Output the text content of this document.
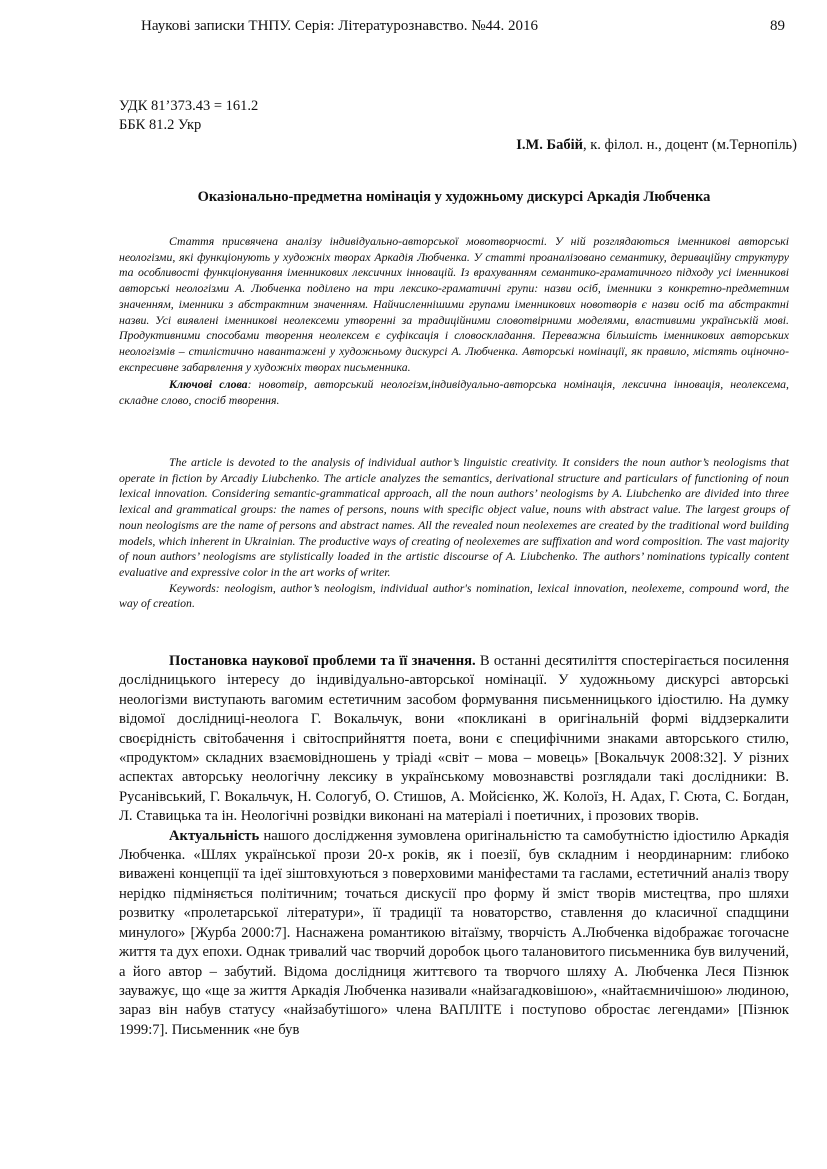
Наукові записки ТНПУ. Серія: Літературознавство. №44. 2016	89
УДК 81’373.43 = 161.2
ББК 81.2 Укр
І.М. Бабій, к. філол. н., доцент (м.Тернопіль)
Оказіонально-предметна номінація у художньому дискурсі Аркадія Любченка

Стаття присвячена аналізу індивідуально-авторської мовотворчості. У ній розглядаються іменникові авторські неологізми, які функціонують у художніх творах Аркадія Любченка. У статті проаналізовано семантику, дериваційну структуру та особливості функціонування іменникових лексичних інновацій. Із врахуванням семантико-граматичного підходу усі іменникові авторські неологізми А. Любченка поділено на три лексико-граматичні групи: назви осіб, іменники з конкретно-предметним значенням, іменники з абстрактним значенням. Найчисленнішими групами іменникових новотворів є назви осіб та абстрактні назви. Усі виявлені іменникові неолексеми утворенні за традиційними словотвірними моделями, властивими українській мові. Продуктивними способами творення неолексем є суфіксація і словоскладання. Переважна більшість іменникових авторських неологізмів – стилістично навантажені у художньому дискурсі А. Любченка. Авторські номінації, як правило, містять оціночно-експресивне забарвлення у художніх творах письменника.

Ключові слова: новотвір, авторський неологізм,індивідуально-авторська номінація, лексична інновація, неолексема, складне слово, спосіб творення.

The article is devoted to the analysis of individual author’s linguistic creativity. It considers the noun author’s neologisms that operate in fiction by Arcadiy Liubchenko. The article analyzes the semantics, derivational structure and particulars of functioning of noun lexical innovation. Considering semantic-grammatical approach, all the noun authors’ neologisms by A. Liubchenko are divided into three lexical and grammatical groups: the names of persons, nouns with specific object value, nouns with abstract value. The largest groups of noun neologisms are the name of persons and abstract names. All the revealed noun neolexemes are created by the traditional word building models, which inherent in Ukrainian. The productive ways of creating of neolexemes are suffixation and word composition. The vast majority of noun authors’ neologisms are stylistically loaded in the artistic discourse of A. Liubchenko. The authors’ nominations typically content evaluative and expressive color in the art works of writer.

Keywords: neologism, author’s neologism, individual author's nomination, lexical innovation, neolexeme, compound word, the way of creation.

Постановка наукової проблеми та її значення. В останні десятиліття спостерігається посилення дослідницького інтересу до індивідуально-авторської номінації. У художньому дискурсі авторські неологізми виступають вагомим естетичним засобом формування письменницького ідіостилю. На думку відомої дослідниці-неолога Г. Вокальчук, вони «покликані в оригінальній формі віддзеркалити своєрідність світобачення і світосприйняття поета, вони є специфічними знаками авторського стилю, «продуктом» складних взаємовідношень у тріаді «світ – мова – мовець» [Вокальчук 2008:32]. У різних аспектах авторську неологічну лексику в українському мовознавстві розглядали такі дослідники: В. Русанівський, Г. Вокальчук, Н. Сологуб, О. Стишов, А. Мойсієнко, Ж. Колоїз, Н. Адах, Г. Сюта, С. Богдан, Л. Ставицька та ін. Неологічні розвідки виконані на матеріалі і поетичних, і прозових творів.

Актуальність нашого дослідження зумовлена оригінальністю та самобутністю ідіостилю Аркадія Любченка. «Шлях української прози 20-х років, як і поезії, був складним і неординарним: глибоко виважені концепції та ідеї зіштовхуються з поверховими маніфестами та гаслами, естетичний аналіз твору нерідко підміняється політичним; точаться дискусії про форму й зміст творів мистецтва, про шляхи розвитку «пролетарської літератури», її традиції та новаторство, ставлення до класичної спадщини минулого» [Журба 2000:7]. Наснажена романтикою вітаїзму, творчість А.Любченка відображає тогочасне життя та дух епохи. Однак тривалий час творчий доробок цього талановитого письменника був вилучений, а його автор – забутий. Відома дослідниця життєвого та творчого шляху А. Любченка Леся Пізнюк зауважує, що «ще за життя Аркадія Любченка називали «найзагадковішою», «найтаємничішою» людиною, зараз він набув статусу «найзабутішого» члена ВАПЛІТЕ і поступово обростає легендами» [Пізнюк 1999:7]. Письменник «не був
